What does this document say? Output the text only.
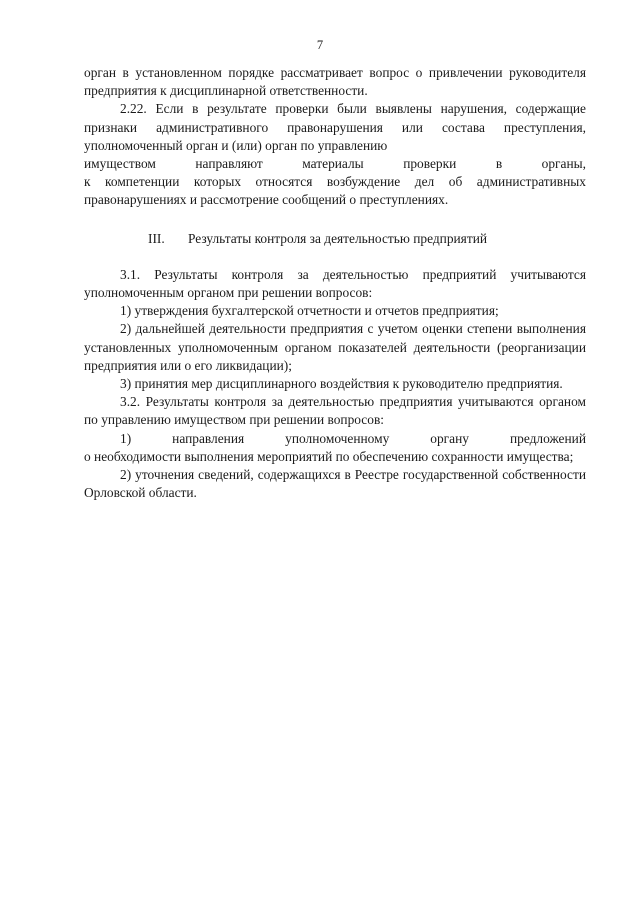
7

орган в установленном порядке рассматривает вопрос о привлечении руководителя предприятия к дисциплинарной ответственности.

2.22. Если в результате проверки были выявлены нарушения, содержащие признаки административного правонарушения или состава преступления, уполномоченный орган и (или) орган по управлению

имуществом направляют материалы проверки в органы,

к компетенции которых относятся возбуждение дел об административных правонарушениях и рассмотрение сообщений о преступлениях.

III. Результаты контроля за деятельностью предприятий

3.1. Результаты контроля за деятельностью предприятий учитываются уполномоченным органом при решении вопросов:

1) утверждения бухгалтерской отчетности и отчетов предприятия;

2) дальнейшей деятельности предприятия с учетом оценки степени выполнения установленных уполномоченным органом показателей деятельности (реорганизации предприятия или о его ликвидации);

3) принятия мер дисциплинарного воздействия к руководителю предприятия.

3.2. Результаты контроля за деятельностью предприятия учитываются органом по управлению имуществом при решении вопросов:

1) направления уполномоченному органу предложений

о необходимости выполнения мероприятий по обеспечению сохранности имущества;

2) уточнения сведений, содержащихся в Реестре государственной собственности Орловской области.
